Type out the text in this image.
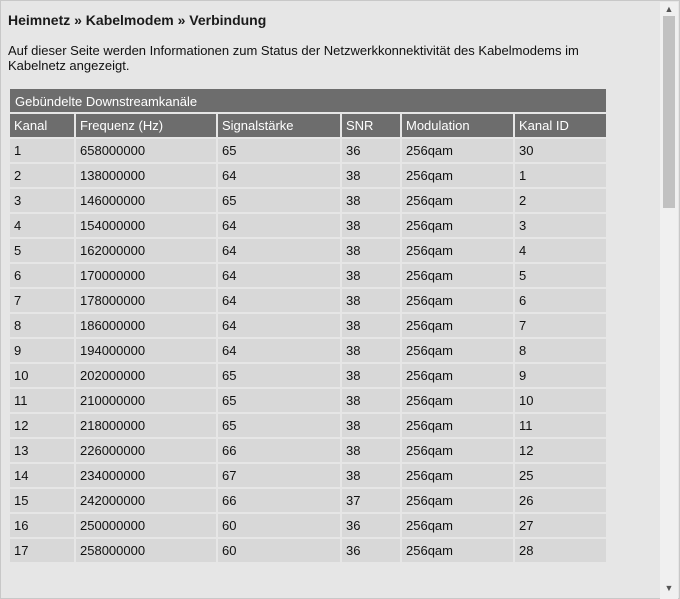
Heimnetz » Kabelmodem » Verbindung
Auf dieser Seite werden Informationen zum Status der Netzwerkkonnektivität des Kabelmodems im Kabelnetz angezeigt.
Gebündelte Downstreamkanäle
Kanal	Frequenz (Hz)	Signalstärke	SNR	Modulation	Kanal ID
1	658000000	65	36	256qam	30
2	138000000	64	38	256qam	1
3	146000000	65	38	256qam	2
4	154000000	64	38	256qam	3
5	162000000	64	38	256qam	4
6	170000000	64	38	256qam	5
7	178000000	64	38	256qam	6
8	186000000	64	38	256qam	7
9	194000000	64	38	256qam	8
10	202000000	65	38	256qam	9
11	210000000	65	38	256qam	10
12	218000000	65	38	256qam	11
13	226000000	66	38	256qam	12
14	234000000	67	38	256qam	25
15	242000000	66	37	256qam	26
16	250000000	60	36	256qam	27
17	258000000	60	36	256qam	28
▲
▼
